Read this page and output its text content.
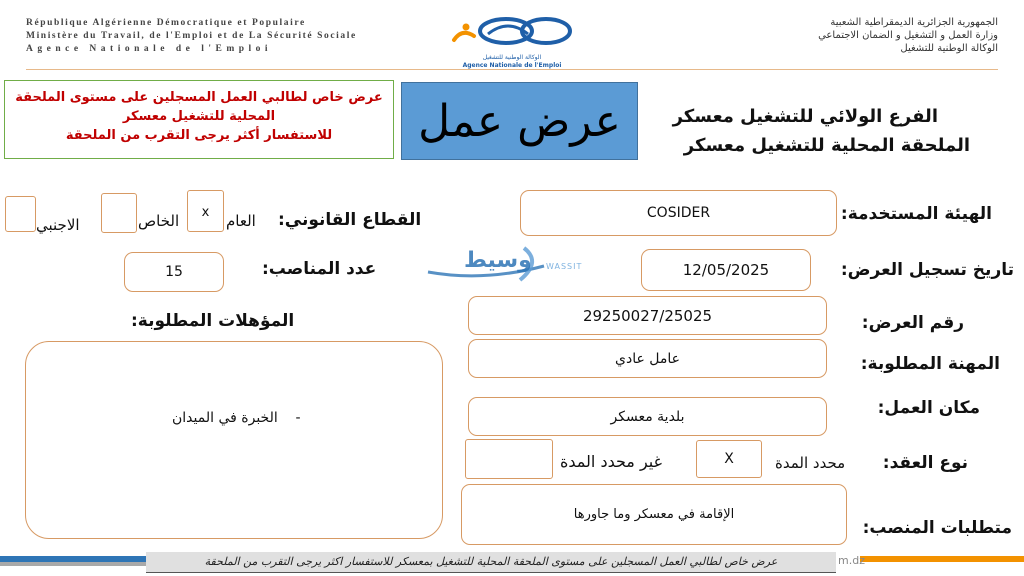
République Algérienne Démocratique et Populaire
Ministère du Travail, de l'Emploi et de La Sécurité Sociale
Agence Nationale de l'Emploi
الوكالة الوطنية للتشغيل
Agence Nationale de l'Emploi
الجمهورية الجزائرية الديمقراطية الشعبية
وزارة العمل و التشغيل و الضمان الاجتماعي
الوكالة الوطنية للتشغيل
عرض خاص لطالبي العمل المسجلين على مستوى الملحقة
المحلية للتشغيل معسكر
للاستفسار أكثر يرجى التقرب من الملحقة	عرض عمل	الفرع الولائي للتشغيل معسكر
الملحقة المحلية للتشغيل معسكر
الهيئة المستخدمة:
COSIDER
القطاع القانوني:
العام
x
الخاص
الاجنبي
وسيط WASSIT	تاريخ تسجيل العرض:
12/05/2025
عدد المناصب:
15
رقم العرض:
29250027/25025
المؤهلات المطلوبة:
-    الخبرة في الميدان
المهنة المطلوبة:
عامل عادي
مكان العمل:
بلدية معسكر
نوع العقد:
محدد المدة
X
غير محدد المدة
متطلبات المنصب:
الإقامة في معسكر وما جاورها
عرض خاص لطالبي العمل المسجلين على مستوى الملحقة المحلية للتشغيل بمعسكر للاستفسار اكثر يرجى التقرب من الملحقة	m.dz
